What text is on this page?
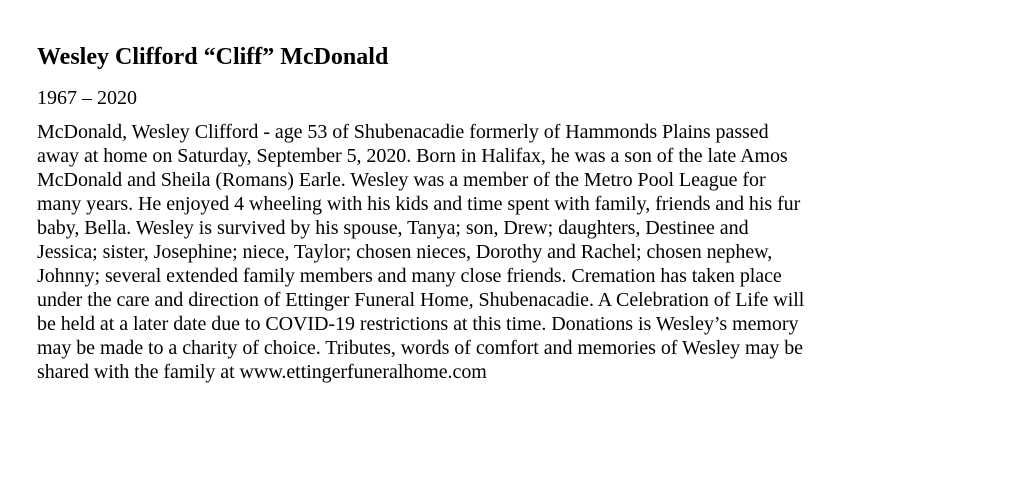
Wesley Clifford “Cliff” McDonald
1967 – 2020
McDonald, Wesley Clifford - age 53 of Shubenacadie formerly of Hammonds Plains passed
away at home on Saturday, September 5, 2020. Born in Halifax, he was a son of the late Amos
McDonald and Sheila (Romans) Earle. Wesley was a member of the Metro Pool League for
many years. He enjoyed 4 wheeling with his kids and time spent with family, friends and his fur
baby, Bella. Wesley is survived by his spouse, Tanya; son, Drew; daughters, Destinee and
Jessica; sister, Josephine; niece, Taylor; chosen nieces, Dorothy and Rachel; chosen nephew,
Johnny; several extended family members and many close friends. Cremation has taken place
under the care and direction of Ettinger Funeral Home, Shubenacadie. A Celebration of Life will
be held at a later date due to COVID-19 restrictions at this time. Donations is Wesley’s memory
may be made to a charity of choice. Tributes, words of comfort and memories of Wesley may be
shared with the family at www.ettingerfuneralhome.com
